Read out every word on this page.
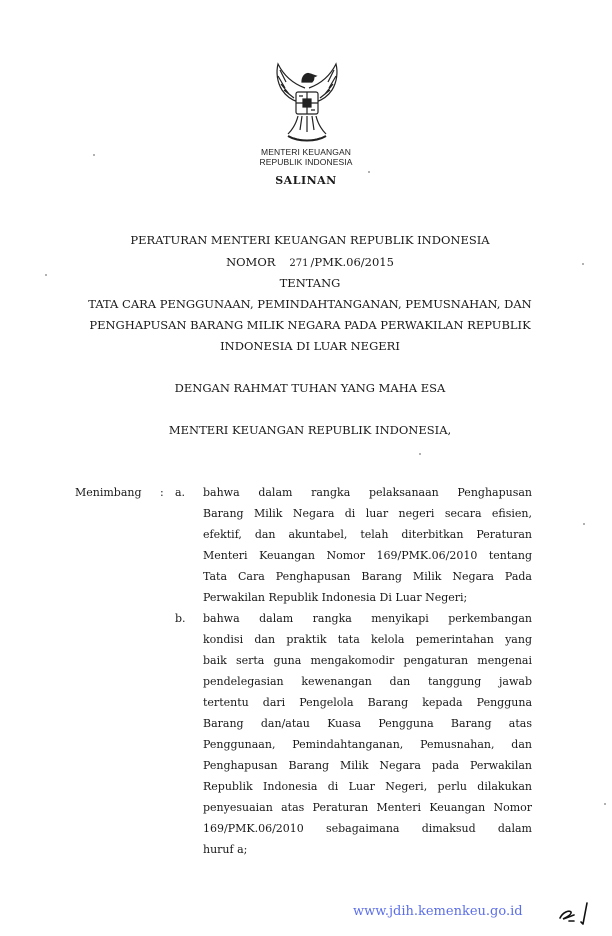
MENTERI KEUANGAN
REPUBLIK INDONESIA
SALINAN
PERATURAN MENTERI KEUANGAN REPUBLIK INDONESIA
NOMOR 271 /PMK.06/2015
TENTANG
TATA CARA PENGGUNAAN, PEMINDAHTANGANAN, PEMUSNAHAN, DAN
PENGHAPUSAN BARANG MILIK NEGARA PADA PERWAKILAN REPUBLIK
INDONESIA DI LUAR NEGERI
DENGAN RAHMAT TUHAN YANG MAHA ESA
MENTERI KEUANGAN REPUBLIK INDONESIA,
Menimbang : a. bahwa dalam rangka pelaksanaan Penghapusan
Barang Milik Negara di luar negeri secara efisien,
efektif, dan akuntabel, telah diterbitkan Peraturan
Menteri Keuangan Nomor 169/PMK.06/2010 tentang
Tata Cara Penghapusan Barang Milik Negara Pada
Perwakilan Republik Indonesia Di Luar Negeri;
b. bahwa dalam rangka menyikapi perkembangan
kondisi dan praktik tata kelola pemerintahan yang
baik serta guna mengakomodir pengaturan mengenai
pendelegasian kewenangan dan tanggung jawab
tertentu dari Pengelola Barang kepada Pengguna
Barang dan/atau Kuasa Pengguna Barang atas
Penggunaan, Pemindahtanganan, Pemusnahan, dan
Penghapusan Barang Milik Negara pada Perwakilan
Republik Indonesia di Luar Negeri, perlu dilakukan
penyesuaian atas Peraturan Menteri Keuangan Nomor
169/PMK.06/2010 sebagaimana dimaksud dalam
huruf a;
www.jdih.kemenkeu.go.id
